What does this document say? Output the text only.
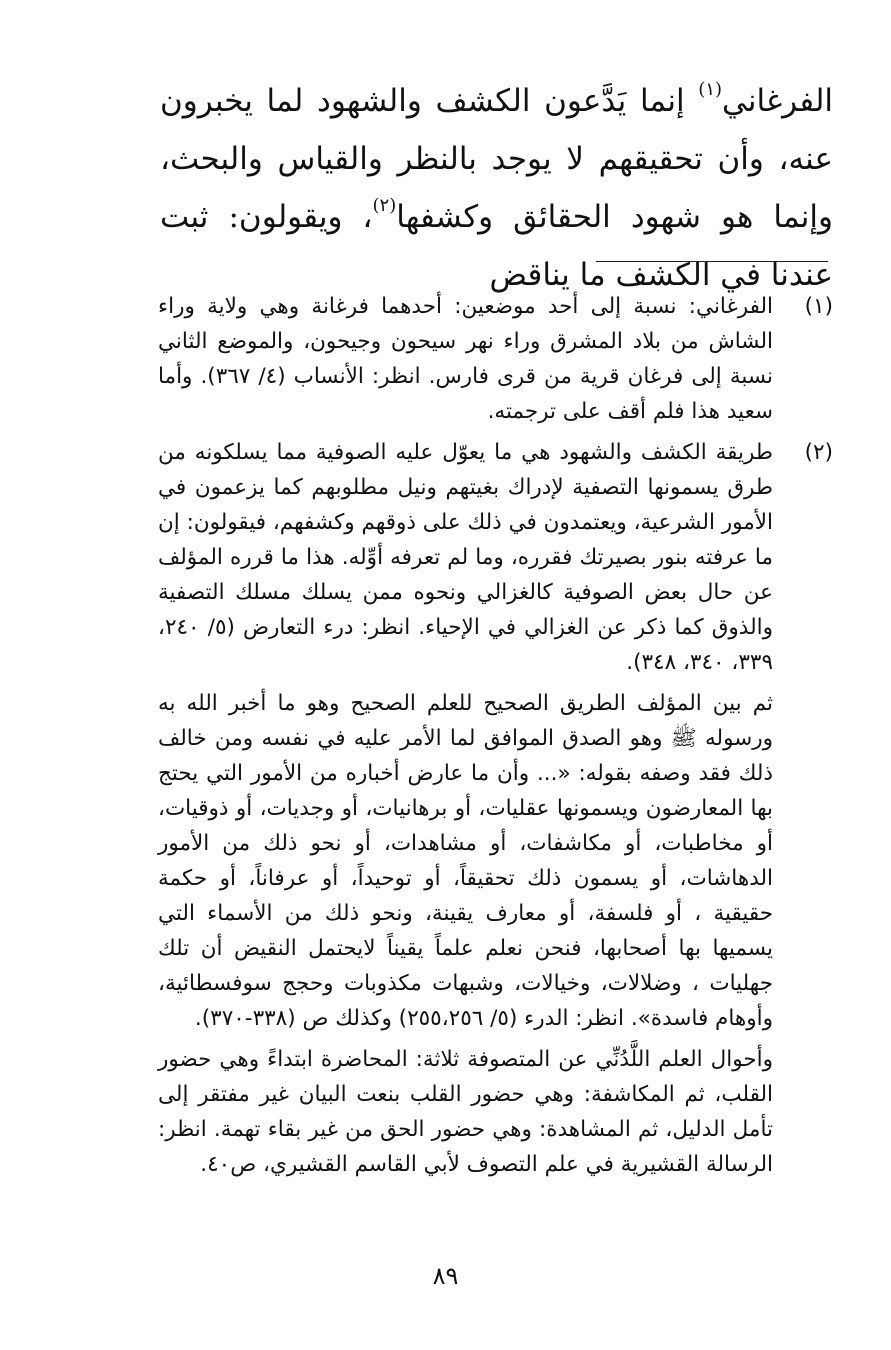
الفرغاني$^{(١)}$ إنما يَدَّعون الكشف والشهود لما يخبرون عنه، وأن تحقيقهم لا يوجد بالنظر والقياس والبحث، وإنما هو شهود الحقائق وكشفها$^{(٢)}$، ويقولون: ثبت عندنا في الكشف ما يناقض

(١)

الفرغاني: نسبة إلى أحد موضعين: أحدهما فرغانة وهي ولاية وراء الشاش من بلاد المشرق وراء نهر سيحون وجيحون، والموضع الثاني نسبة إلى فرغان قرية من قرى فارس. انظر: الأنساب (٤/ ٣٦٧). وأما سعيد هذا فلم أقف على ترجمته.

(٢)

طريقة الكشف والشهود هي ما يعوّل عليه الصوفية مما يسلكونه من طرق يسمونها التصفية لإدراك بغيتهم ونيل مطلوبهم كما يزعمون في الأمور الشرعية، ويعتمدون في ذلك على ذوقهم وكشفهم، فيقولون: إن ما عرفته بنور بصيرتك فقرره، وما لم تعرفه أوِّله. هذا ما قرره المؤلف عن حال بعض الصوفية كالغزالي ونحوه ممن يسلك مسلك التصفية والذوق كما ذكر عن الغزالي في الإحياء. انظر: درء التعارض (٥/ ٢٤٠، ٣٣٩، ٣٤٠، ٣٤٨).

ثم بين المؤلف الطريق الصحيح للعلم الصحيح وهو ما أخبر الله به ورسوله ﷺ وهو الصدق الموافق لما الأمر عليه في نفسه ومن خالف ذلك فقد وصفه بقوله: «... وأن ما عارض أخباره من الأمور التي يحتج بها المعارضون ويسمونها عقليات، أو برهانيات، أو وجديات، أو ذوقيات، أو مخاطبات، أو مكاشفات، أو مشاهدات، أو نحو ذلك من الأمور الدهاشات، أو يسمون ذلك تحقيقاً، أو توحيداً، أو عرفاناً، أو حكمة حقيقية ، أو فلسفة، أو معارف يقينة، ونحو ذلك من الأسماء التي يسميها بها أصحابها، فنحن نعلم علماً يقيناً لايحتمل النقيض أن تلك جهليات ، وضلالات، وخيالات، وشبهات مكذوبات وحجج سوفسطائية، وأوهام فاسدة». انظر: الدرء (٥/ ٢٥٥،٢٥٦) وكذلك ص (٣٣٨-٣٧٠).

وأحوال العلم اللَّدُنِّي عن المتصوفة ثلاثة: المحاضرة ابتداءً وهي حضور القلب، ثم المكاشفة: وهي حضور القلب بنعت البيان غير مفتقر إلى تأمل الدليل، ثم المشاهدة: وهي حضور الحق من غير بقاء تهمة. انظر: الرسالة القشيرية في علم التصوف لأبي القاسم القشيري، ص٤٠.

٨٩
